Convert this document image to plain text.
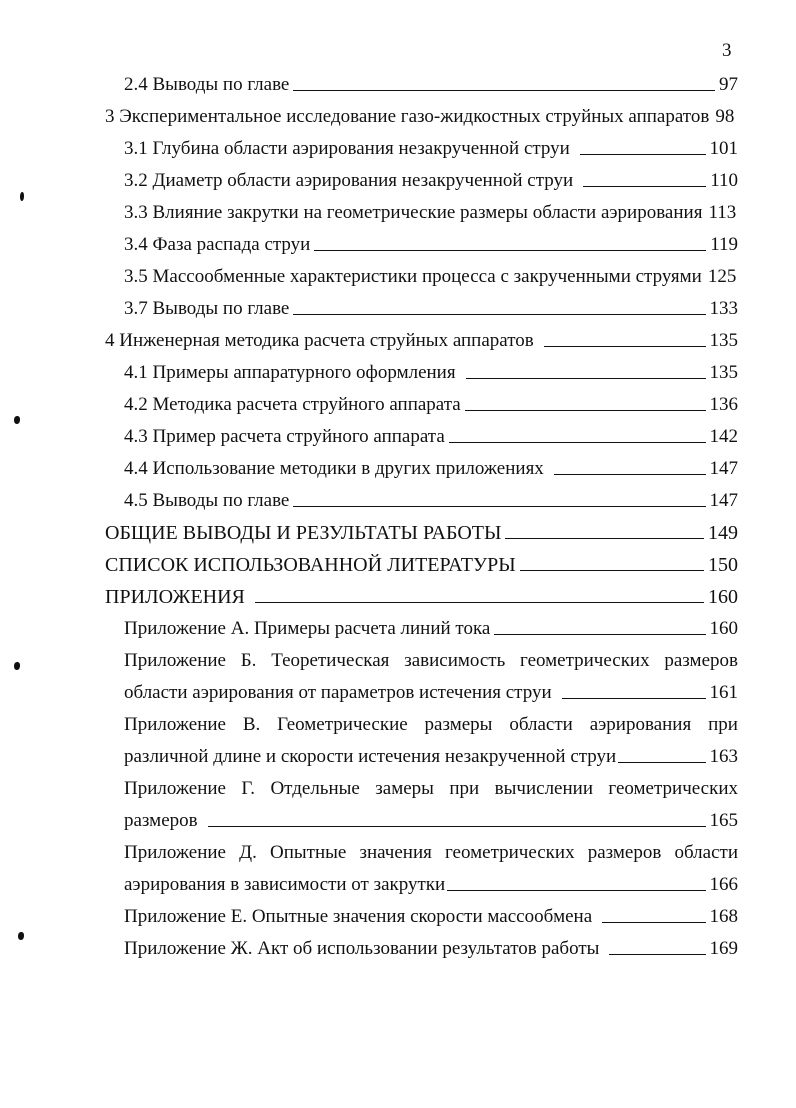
3
2.4 Выводы по главе	97
3 Экспериментальное исследование газо-жидкостных струйных аппаратов 98
3.1 Глубина области аэрирования незакрученной струи	101
3.2 Диаметр области аэрирования незакрученной струи	110
3.3 Влияние закрутки на геометрические размеры области аэрирования 113
3.4 Фаза распада струи	119
3.5 Массообменные характеристики процесса с закрученными струями 125
3.7 Выводы по главе	133
4 Инженерная методика расчета струйных аппаратов	135
4.1 Примеры аппаратурного оформления	135
4.2 Методика расчета струйного аппарата	136
4.3 Пример расчета струйного аппарата	142
4.4 Использование методики в других приложениях	147
4.5 Выводы по главе	147
ОБЩИЕ ВЫВОДЫ И РЕЗУЛЬТАТЫ РАБОТЫ	149
СПИСОК ИСПОЛЬЗОВАННОЙ ЛИТЕРАТУРЫ	150
ПРИЛОЖЕНИЯ	160
Приложение А. Примеры расчета линий тока	160
Приложение Б. Теоретическая зависимость геометрических размеров
области аэрирования от параметров истечения струи	161
Приложение В. Геометрические размеры области аэрирования при
различной длине и скорости истечения незакрученной струи	163
Приложение Г. Отдельные замеры при вычислении геометрических
размеров	165
Приложение Д. Опытные значения геометрических размеров области
аэрирования в зависимости от закрутки	166
Приложение Е. Опытные значения скорости массообмена	168
Приложение Ж. Акт об использовании результатов работы	169
